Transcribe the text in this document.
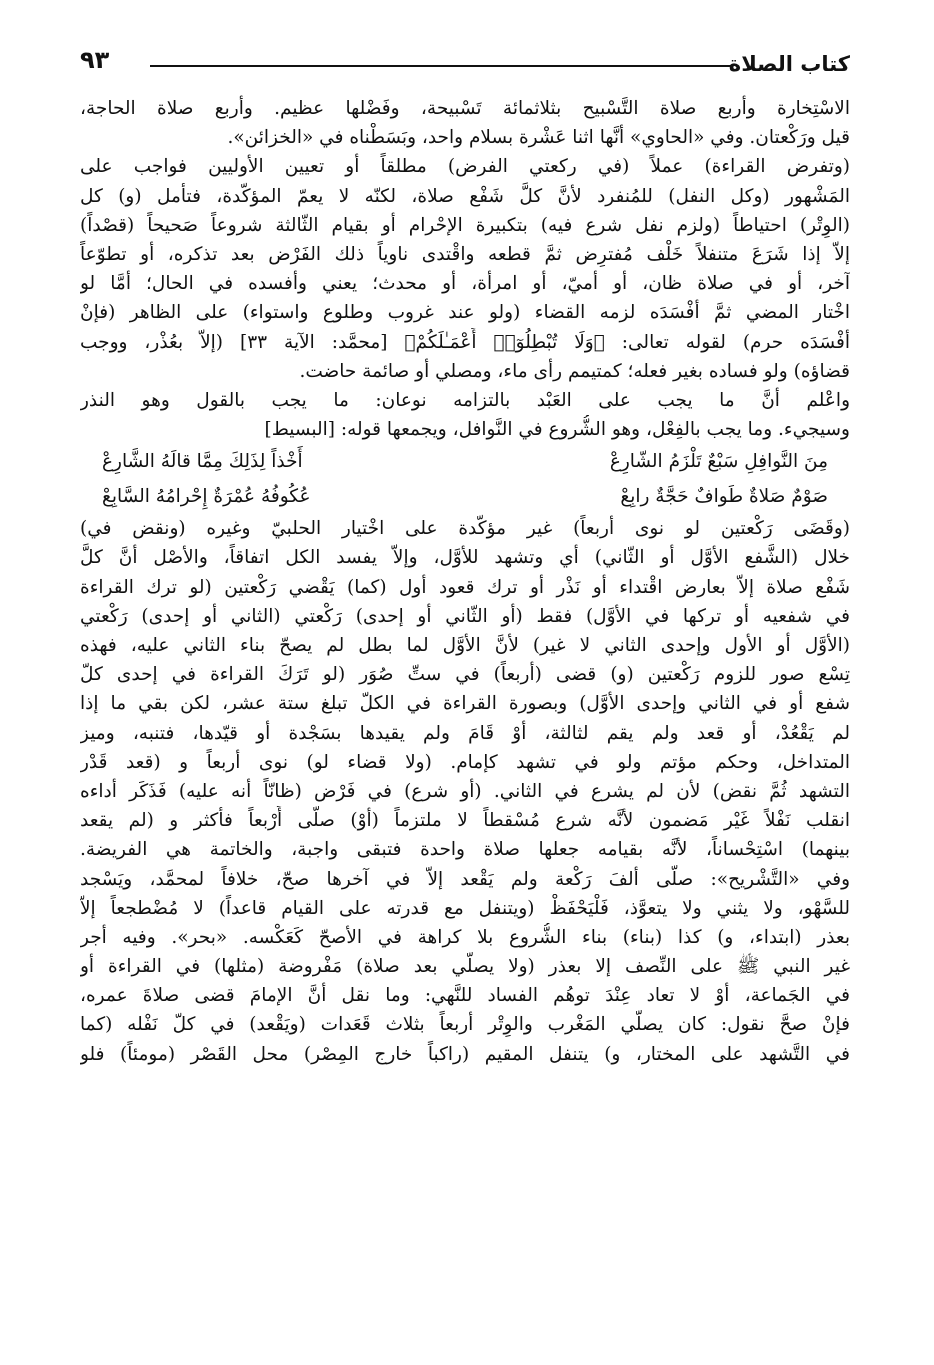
كتاب الصلاة
٩٣
الاسْتِخارة وأربع صلاة التَّسْبيح بثلاثمائة تَسْبيحة، وفَضْلها عظيم. وأربع صلاة الحاجة،
قيل ورَكْعتان. وفي «الحاوي» أنَّها اثنا عَشْرة بسلام واحد، وبَسَطْناه في «الخزائن».
(وتفرض القراءة) عملاً (في ركعتي الفرض) مطلقاً أو تعيين الأوليين فواجب على
المَشْهور (وكل النفل) للمُنفرد لأنَّ كلَّ شَفْع صلاة، لكنّه لا يعمّ المؤكّدة، فتأمل (و) كل
(الوِتْر) احتياطاً (ولزم نفل شرع فيه) بتكبيرة الإحْرام أو بقيام الثّالثة شروعاً صَحيحاً (قصْداً)
إلاّ إذا شَرَعَ متنفلاً خَلْف مُفترِض ثمَّ قطعه واقْتدى ناوياً ذلك الفَرْض بعد تذكره، أو تطوّعاً
آخر، أو في صلاة ظان، أو أميّ، أو امرأة، أو محدث؛ يعني وأفسده في الحال؛ أمَّا لو
اخْتار المضي ثمَّ أفْسَدَه لزمه القضاء (ولو عند غروب وطلوع واستواء) على الظاهر (فإنْ
أفْسَدَه حرم) لقوله تعالى: ﴿وَلَا تُبْطِلُوٓا۟ أَعْمَـٰلَكُمْ﴾ [محمَّد: الآية ٣٣] (إلاّ بعُذْر، ووجب
قضاؤه) ولو فساده بغير فعله؛ كمتيمم رأى ماء، ومصلي أو صائمة حاضت.
واعْلم أنَّ ما يجب على العَبْد بالتزامه نوعان: ما يجب بالقول وهو النذر
وسيجيء. وما يجب بالفِعْل، وهو الشُّروع في النَّوافل، ويجمعها قوله: [البسيط]
مِنَ النَّوافِلِ سَبْعٌ تَلْزَمُ الشّارِعْ
أَخْذاً لِذَلِكَ مِمَّا قالَهُ الشَّارِعْ
صَوْمٌ صَلاةٌ طَوافٌ حَجَّةٌ رابِعْ
عُكُوفُهُ عُمْرَةٌ إِحْرامُهُ السَّابِعْ
(وقَضَى رَكْعتين لو نوى أربعاً) غير مؤكّدة على اخْتيار الحلبيّ وغيره (ونقض في)
خلال (الشَّفع الأوَّل أو الثّاني) أي وتشهد للأوَّل، وإلاّ يفسد الكل اتفاقاً، والأصْل أنَّ كلَّ
شَفْع صلاة إلاّ بعارض اقْتداء أو نَذْر أو ترك قعود أول (كما) يَقْضي رَكْعتين (لو ترك القراءة
في شفعيه أو تركها في الأوَّل) فقط (أو الثّاني أو إحدى) رَكْعتي (الثاني أو إحدى) رَكْعتي
(الأوَّل أو الأول وإحدى الثاني لا غير) لأنَّ الأوَّل لما بطل لم يصحّ بناء الثاني عليه، فهذه
تِسْع صور للزوم رَكْعتين (و) قضى (أربعاً) في ستِّ صُوَر (لو تَرَكَ القراءة في إحدى كلّ
شفع أو في الثاني وإحدى الأوَّل) وبصورة القراءة في الكلّ تبلغ ستة عشر، لكن بقي ما إذا
لم يَقْعُدْ، أو قعد ولم يقم لثالثة، أوْ قَامَ ولم يقيدها بسَجْدة أو قيّدها، فتنبه، وميز
المتداخل، وحكم مؤتم ولو في تشهد كإمام. (ولا قضاء لو) نوى أربعاً و (قعد قَدْر
التشهد ثُمَّ نقض) لأن لم يشرع في الثاني. (أو شرع) في فَرْض (ظانّاً أنه عليه) فَذَكَر أداءه
انقلب نَفْلاً غَيْر مَضمون لأنَّه شرع مُسْقطاً لا ملتزماً (أوْ) صلَّى أَرْبعاً فأكثر و (لم يقعد
بينهما) اسْتِحْساناً، لأنَّه بقيامه جعلها صلاة واحدة فتبقى واجبة، والخاتمة هي الفريضة.
وفي «التَّشْريح»: صلَّى ألفَ رَكْعة ولم يَقْعد إلاّ في آخرها صحّ، خلافاً لمحمَّد، ويَسْجد
للسَّهْو، ولا يثني ولا يتعوَّذ، فَلْيَحْفَظْ (ويتنفل مع قدرته على القيام قاعداً) لا مُضْطجعاً إلاّ
بعذر (ابتداء، و) كذا (بناء) بناء الشُّروع بلا كراهة في الأصحّ كَعَكْسه. «بحر». وفيه أجر
غير النبي ﷺ على النِّصف إلا بعذر (ولا يصلّي بعد صلاة) مَفْروضة (مثلها) في القراءة أو
في الجَماعة، أوْ لا تعاد عِنْدَ توهُم الفساد للنَّهي: وما نقل أنَّ الإمامَ قضى صلاةَ عمره،
فإنْ صحَّ نقول: كان يصلّي المَغْرب والوِتْر أربعاً بثلاث قَعَدات (ويَقْعد) في كلّ نَفْله (كما
في التَّشهد على المختار، و) يتنفل المقيم (راكباً خارج المِصْر) محل القَصْر (مومئاً) فلو
